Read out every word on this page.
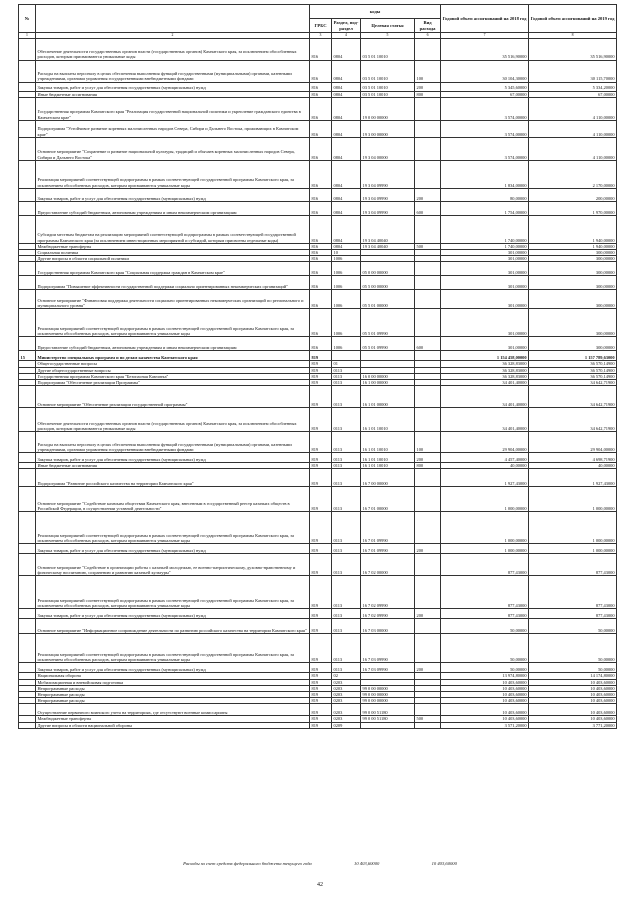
№		коды				Годовой объем ассигнований на 2018 год	Годовой объем ассигнований на 2019 год
		ГРБС	Раздел, под-раздел	Целевая статья	Вид расхода		
1	2	3	4	5	6	7	8
	Обеспечение деятельности государственных органов власти (государственных органов) Камчатского края, за исключением обособленных расходов, которым присваиваются уникальные коды	816	0804	03 5 01 10010		35 516,90000	35 516,90000
	Расходы на выплаты персоналу в целях обеспечения выполнения функций государственными (муниципальными) органами, казенными учреждениями, органами управления государственными внебюджетными фондами	816	0804	03 5 01 10010	100	30 104,30000	30 115,70000
	Закупка товаров, работ и услуг для обеспечения государственных (муниципальных) нужд	816	0804	03 5 01 10010	200	5 345,60000	5 334,20000
	Иные бюджетные ассигнования	816	0804	03 5 01 10010	800	67,00000	67,00000
	Государственная программа Камчатского края "Реализация государственной национальной политики и укрепление гражданского единства в Камчатском крае"	816	0804	19 0 00 00000		3 574,00000	4 110,00000
	Подпрограмма "Устойчивое развитие коренных малочисленных народов Севера, Сибири и Дальнего Востока, проживающих в Камчатском крае"	816	0804	19 3 00 00000		3 574,00000	4 110,00000
	Основное мероприятие "Сохранение и развитие национальной культуры, традиций и обычаев коренных малочисленных народов Севера, Сибири и Дальнего Востока"	816	0804	19 3 04 00000		3 574,00000	4 110,00000
	Реализация мероприятий соответствующей подпрограммы в рамках соответствующей государственной программы Камчатского края, за исключением обособленных расходов, которым присваиваются уникальные коды	816	0804	19 3 04 09990		1 834,00000	2 170,00000
	Закупка товаров, работ и услуг для обеспечения государственных (муниципальных) нужд	816	0804	19 3 04 09990	200	80,00000	200,00000
	Предоставление субсидий бюджетным, автономным учреждениям и иным некоммерческим организациям	816	0804	19 3 04 09990	600	1 754,00000	1 970,00000
	Субсидии местным бюджетам на реализацию мероприятий соответствующей подпрограммы в рамках соответствующей государственной программы Камчатского края (за исключением инвестиционных мероприятий и субсидий, которым присвоены отдельные коды)	816	0804	19 3 04 40040		1 740,00000	1 940,00000
	Межбюджетные трансферты	816	0804	19 3 04 40040	500	1 740,00000	1 940,00000
	Социальная политика	816	10			301,00000	300,00000
	Другие вопросы в области социальной политики	816	1006			301,00000	300,00000
	Государственная программа Камчатского края "Социальная поддержка граждан в Камчатском крае"	816	1006	05 0 00 00000		301,00000	300,00000
	Подпрограмма "Повышение эффективности государственной поддержки социально ориентированных некоммерческих организаций"	816	1006	05 5 00 00000		301,00000	300,00000
	Основное мероприятие "Финансовая поддержка деятельности социально ориентированных некоммерческих организаций по регионального и муниципального уровня"	816	1006	05 5 01 00000		301,00000	300,00000
	Реализация мероприятий соответствующей подпрограммы в рамках соответствующей государственной программы Камчатского края, за исключением обособленных расходов, которым присваиваются уникальные коды	816	1006	05 5 01 09990		301,00000	300,00000
	Предоставление субсидий бюджетным, автономным учреждениям и иным некоммерческим организациям	816	1006	05 5 01 09990	600	301,00000	300,00000
15	Министерство специальных программ и по делам казачества Камчатского края	819				1 154 458,00000	1 157 789,63000
	Общегосударственные вопросы	819	01			36 328,83000	36 570,14900
	Другие общегосударственные вопросы	819	0113			36 328,83000	36 570,14900
	Государственная программа Камчатского края "Безопасная Камчатка"	819	0113	16 0 00 00000		36 328,83000	36 570,14900
	Подпрограмма "Обеспечение реализации Программы"	819	0113	16 1 00 00000		34 401,40000	34 642,71900
	Основное мероприятие "Обеспечение реализации государственной программы"	819	0113	16 1 01 00000		34 401,40000	34 642,71900
	Обеспечение деятельности государственных органов власти (государственных органов) Камчатского края, за исключением обособленных расходов, которым присваиваются уникальные коды	819	0113	16 1 01 10010		34 401,40000	34 642,71900
	Расходы на выплаты персоналу в целях обеспечения выполнения функций государственными (муниципальными) органами, казенными учреждениями, органами управления государственными внебюджетными фондами	819	0113	16 1 01 10010	100	29 904,00000	29 904,00000
	Закупка товаров, работ и услуг для обеспечения государственных (муниципальных) нужд	819	0113	16 1 01 10010	200	4 457,40000	4 698,71900
	Иные бюджетные ассигнования	819	0113	16 1 01 10010	800	40,00000	40,00000
	Подпрограмма "Развитие российского казачества на территории Камчатского края"	819	0113	16 7 00 00000		1 927,43000	1 927,43000
	Основное мероприятие "Содействие казачьим обществам Камчатского края, внесенным в государственный реестр казачьих обществ в Российской Федерации, в осуществлении уставной деятельности"	819	0113	16 7 01 00000		1 000,00000	1 000,00000
	Реализация мероприятий соответствующей подпрограммы в рамках соответствующей государственной программы Камчатского края, за исключением обособленных расходов, которым присваиваются уникальные коды	819	0113	16 7 01 09990		1 000,00000	1 000,00000
	Закупка товаров, работ и услуг для обеспечения государственных (муниципальных) нужд	819	0113	16 7 01 09990	200	1 000,00000	1 000,00000
	Основное мероприятие "Содействие в организации работы с казачьей молодежью, ее военно-патриотическому, духовно-нравственному и физическому воспитанию, сохранению и развитию казачьей культуры"	819	0113	16 7 02 00000		877,43000	877,43000
	Реализация мероприятий соответствующей подпрограммы в рамках соответствующей государственной программы Камчатского края, за исключением обособленных расходов, которым присваиваются уникальные коды	819	0113	16 7 02 09990		877,43000	877,43000
	Закупка товаров, работ и услуг для обеспечения государственных (муниципальных) нужд	819	0113	16 7 02 09990	200	877,43000	877,43000
	Основное мероприятие "Информационное сопровождение деятельности по развитию российского казачества на территории Камчатского края"	819	0113	16 7 03 00000		50,00000	50,00000
	Реализация мероприятий соответствующей подпрограммы в рамках соответствующей государственной программы Камчатского края, за исключением обособленных расходов, которым присваиваются уникальные коды	819	0113	16 7 03 09990		50,00000	50,00000
	Закупка товаров, работ и услуг для обеспечения государственных (муниципальных) нужд	819	0113	16 7 03 09990	200	50,00000	50,00000
	Национальная оборона	819	02			13 974,80000	14 174,80000
	Мобилизационная и вневойсковая подготовка	819	0203			10 403,60000	10 403,60000
	Непрограммные расходы	819	0203	99 0 00 00000		10 403,60000	10 403,60000
	Непрограммные расходы	819	0203	99 0 00 00000		10 403,60000	10 403,60000
	Непрограммные расходы	819	0203	99 0 00 00000		10 403,60000	10 403,60000
	Осуществление первичного воинского учета на территориях, где отсутствуют военные комиссариаты	819	0203	99 0 00 51180		10 403,60000	10 403,60000
	Межбюджетные трансферты	819	0203	99 0 00 51180	500	10 403,60000	10 403,60000
	Другие вопросы в области национальной обороны	819	0209			3 571,20000	3 771,20000
Расходы за счет средств федерального бюджета текущего года	10 403,60000	10 403,60000
42
